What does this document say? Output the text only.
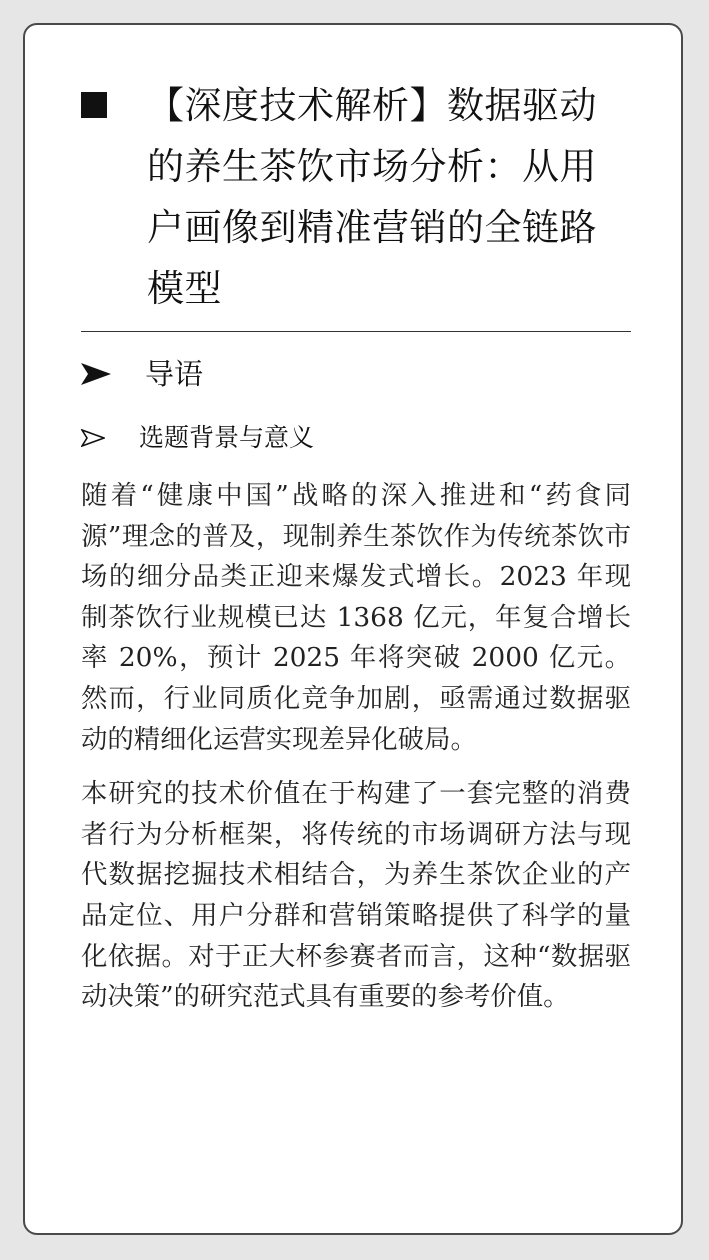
【深度技术解析】数据驱动的养生茶饮市场分析：从用户画像到精准营销的全链路模型
导语
选题背景与意义

随着“健康中国”战略的深入推进和“药食同源”理念的普及，现制养生茶饮作为传统茶饮市场的细分品类正迎来爆发式增长。2023 年现制茶饮行业规模已达 1368 亿元，年复合增长率 20%，预计 2025 年将突破 2000 亿元。然而，行业同质化竞争加剧，亟需通过数据驱动的精细化运营实现差异化破局。

本研究的技术价值在于构建了一套完整的消费者行为分析框架，将传统的市场调研方法与现代数据挖掘技术相结合，为养生茶饮企业的产品定位、用户分群和营销策略提供了科学的量化依据。对于正大杯参赛者而言，这种“数据驱动决策”的研究范式具有重要的参考价值。
